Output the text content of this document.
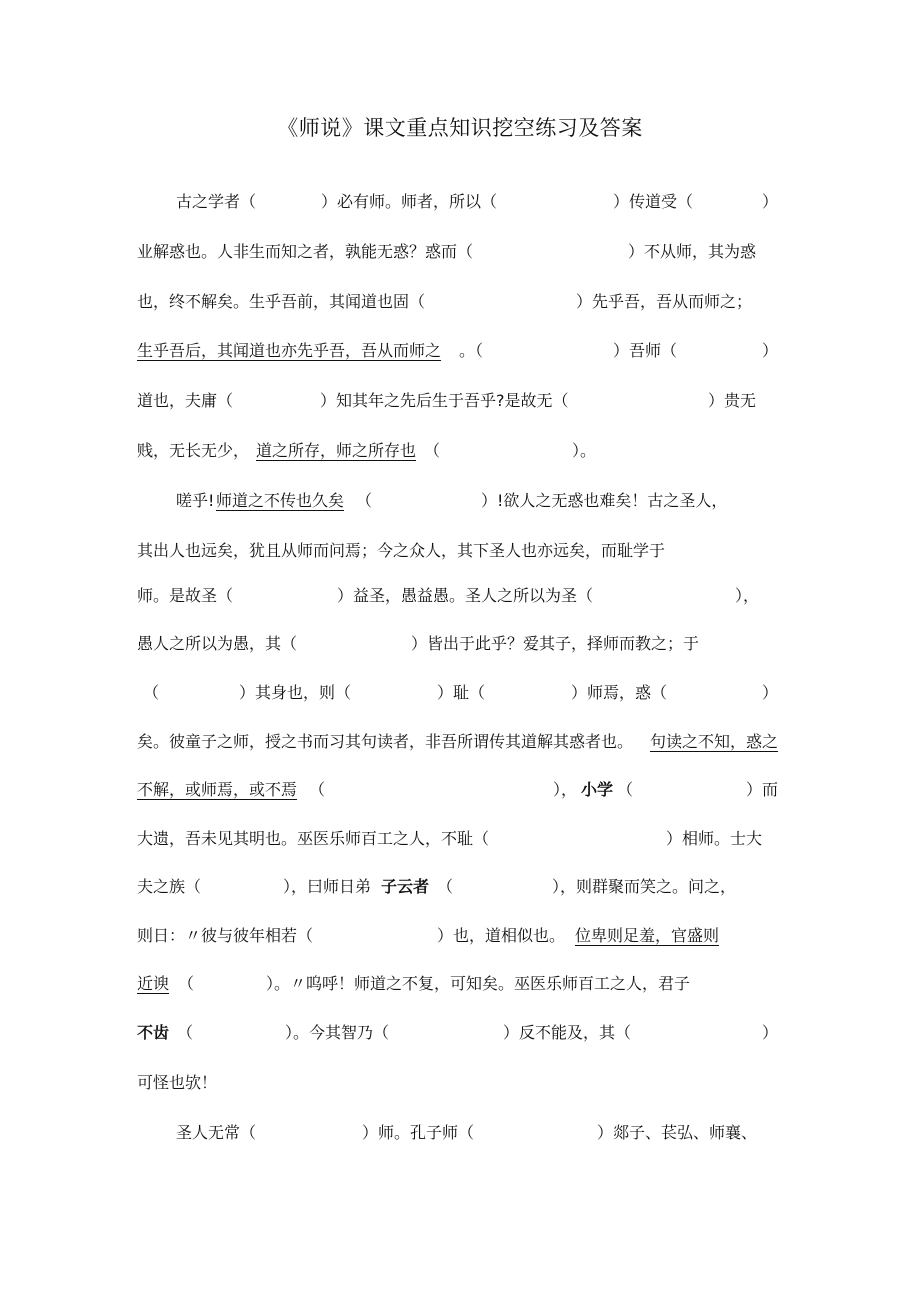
《师说》课文重点知识挖空练习及答案
古之学者（	）必有师。师者，所以（	）传道受（	）
业解惑也。人非生而知之者，孰能无惑？惑而（	）不从师，其为惑
也，终不解矣。生乎吾前，其闻道也固（	）先乎吾，吾从而师之；
生乎吾后，其闻道也亦先乎吾，吾从而师之 。（	）吾师（	）
道也，夫庸（	）知其年之先后生于吾乎?是故无（	）贵无
贱，无长无少， 道之所存，师之所存也 （	）。
嗟乎! 师道之不传也久矣 （	）!欲人之无惑也难矣！古之圣人，
其出人也远矣，犹且从师而问焉；今之众人，其下圣人也亦远矣，而耻学于
师。是故圣（	）益圣，愚益愚。圣人之所以为圣（	），
愚人之所以为愚，其（	）皆出于此乎？爱其子，择师而教之；于
（	）其身也，则（	）耻（	）师焉，惑（	）
矣。彼童子之师，授之书而习其句读者，非吾所谓传其道解其惑者也。 句读之不知，惑之
不解，或师焉，或不焉 （	）， 小学 （	）而
大遗，吾未见其明也。巫医乐师百工之人，不耻（	）相师。士大
夫之族（	），曰师日弟 子云者 （	），则群聚而笑之。问之，
则日：〃彼与彼年相若（	）也，道相似也。 位卑则足羞，官盛则
近谀 （	）。〃呜呼！师道之不复，可知矣。巫医乐师百工之人，君子
不齿 （	）。今其智乃（	）反不能及，其（	）
可怪也欤！
圣人无常（	）师。孔子师（	）郯子、苌弘、师襄、
